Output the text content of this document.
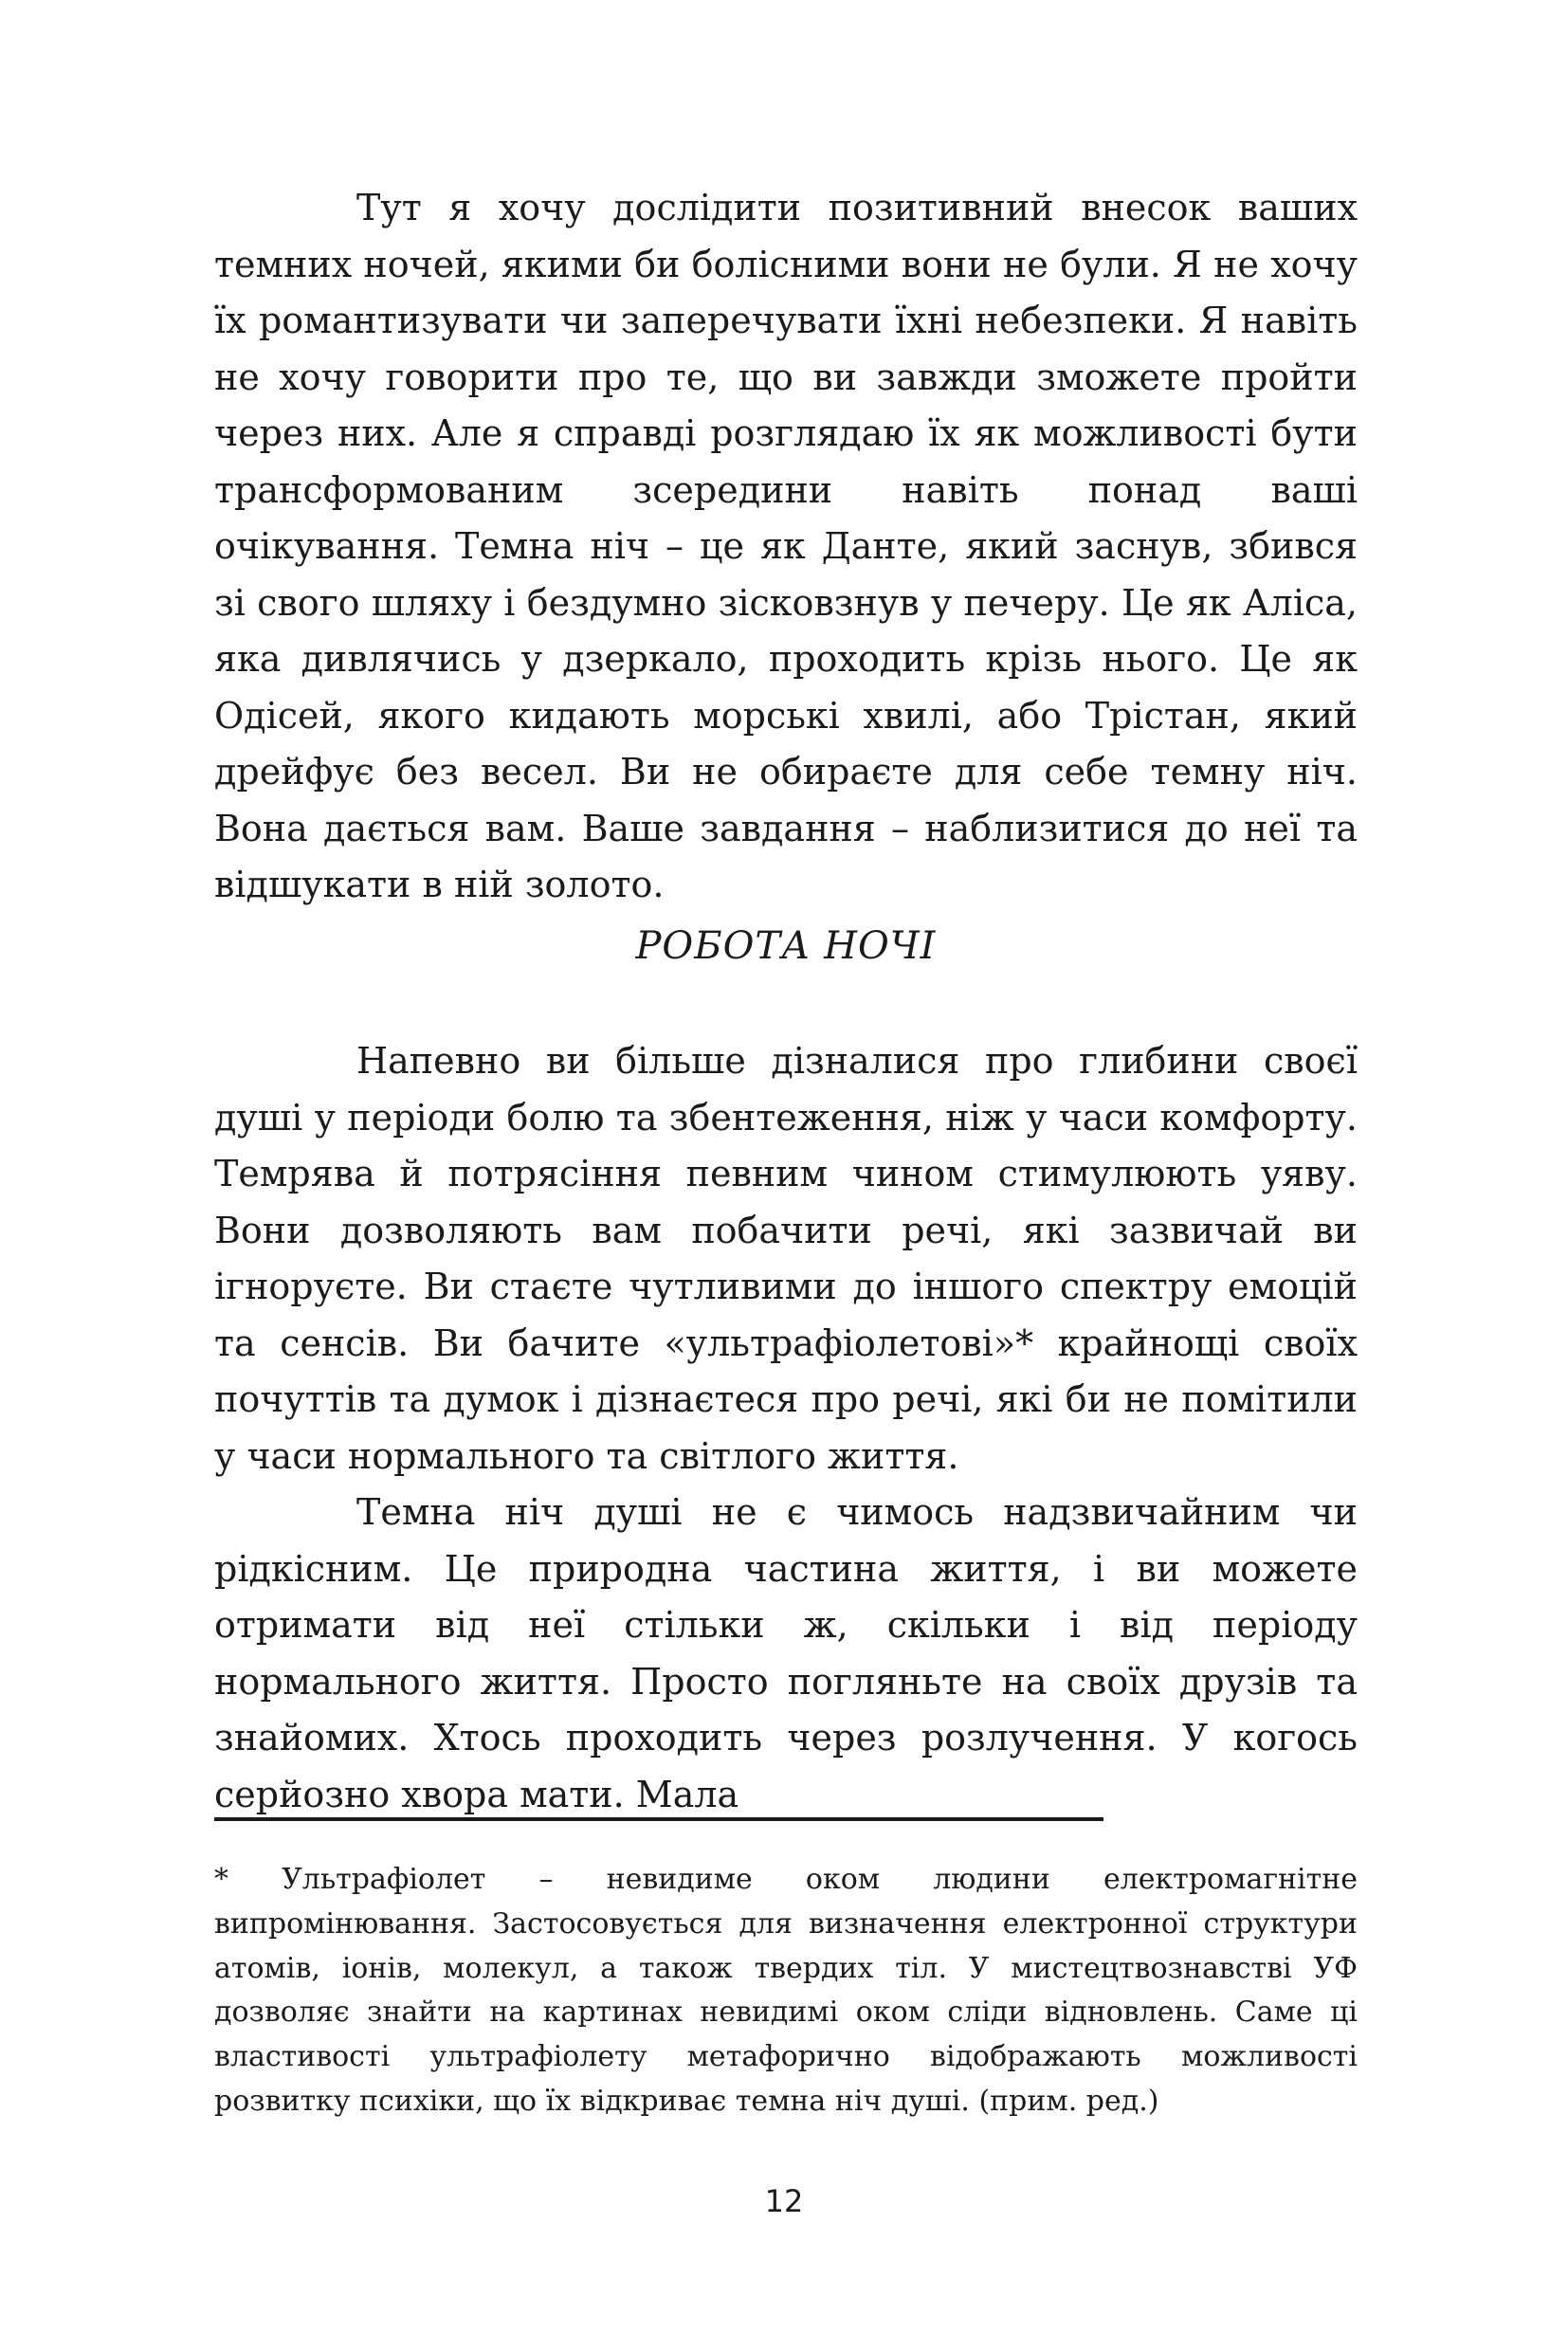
Тут я хочу дослідити позитивний внесок ваших темних ночей, якими би болісними вони не були. Я не хочу їх романтизувати чи заперечувати їхні небезпеки. Я навіть не хочу говорити про те, що ви завжди зможете пройти через них. Але я справді розглядаю їх як можливості бути трансформованим зсередини навіть понад ваші очікування. Темна ніч – це як Данте, який заснув, збився зі свого шляху і бездумно зісковзнув у печеру. Це як Аліса, яка дивлячись у дзеркало, проходить крізь нього. Це як Одісей, якого кидають морські хвилі, або Трістан, який дрейфує без весел. Ви не обираєте для себе темну ніч. Вона дається вам. Ваше завдання – наблизитися до неї та відшукати в ній золото.

РОБОТА НОЧІ

Напевно ви більше дізналися про глибини своєї душі у періоди болю та збентеження, ніж у часи комфорту. Темрява й потрясіння певним чином стимулюють уяву. Вони дозволяють вам побачити речі, які зазвичай ви ігноруєте. Ви стаєте чутливими до іншого спектру емоцій та сенсів. Ви бачите «ультрафіолетові»* крайнощі своїх почуттів та думок і дізнаєтеся про речі, які би не помітили у часи нормального та світлого життя.

Темна ніч душі не є чимось надзвичайним чи рідкісним. Це природна частина життя, і ви можете отримати від неї стільки ж, скільки і від періоду нормального життя. Просто погляньте на своїх друзів та знайомих. Хтось проходить через розлучення. У когось серйозно хвора мати. Мала

* Ультрафіолет – невидиме оком людини електромагнітне випромінювання. Застосовується для визначення електронної структури атомів, іонів, молекул, а також твердих тіл. У мистецтвознавстві УФ дозволяє знайти на картинах невидимі оком сліди відновлень. Саме ці властивості ультрафіолету метафорично відображають можливості розвитку психіки, що їх відкриває темна ніч душі. (прим. ред.)

12
